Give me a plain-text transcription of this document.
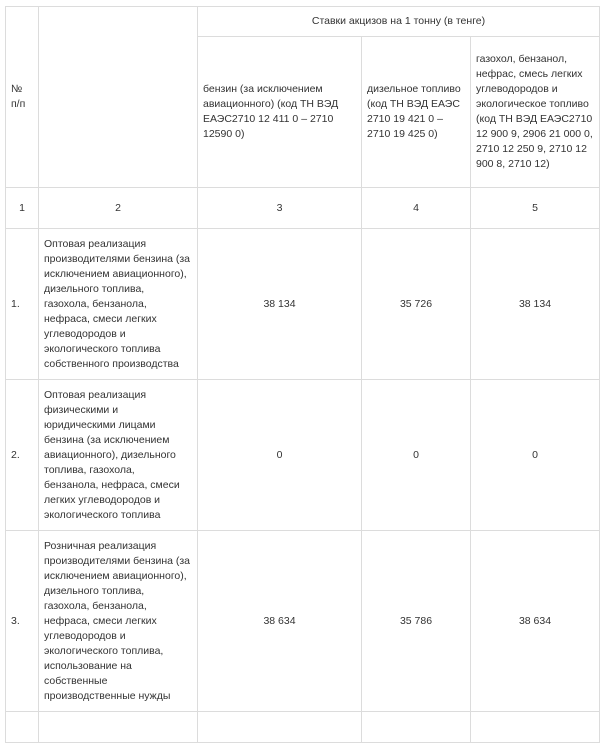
№
п/п		Ставки акцизов на 1 тонну (в тенге)		
		бензин (за исключением авиационного) (код ТН ВЭД ЕАЭС2710 12 411 0 – 2710 12590 0)	дизельное топливо (код ТН ВЭД ЕАЭС 2710 19 421 0 – 2710 19 425 0)	газохол, бензанол, нефрас, смесь легких углеводородов и экологическое топливо (код ТН ВЭД ЕАЭС2710 12 900 9, 2906 21 000 0, 2710 12 250 9, 2710 12 900 8, 2710 12)
1	2	3	4	5
1.	Оптовая реализация производителями бензина (за исключением авиационного), дизельного топлива, газохола, бензанола, нефраса, смеси легких углеводородов и экологического топлива собственного производства	38 134	35 726	38 134
2.	Оптовая реализация физическими и юридическими лицами бензина (за исключением авиационного), дизельного топлива, газохола, бензанола, нефраса, смеси легких углеводородов и экологического топлива	0	0	0
3.	Розничная реализация производителями бензина (за исключением авиационного), дизельного топлива, газохола, бензанола, нефраса, смеси легких углеводородов и экологического топлива, использование на собственные производственные нужды	38 634	35 786	38 634
